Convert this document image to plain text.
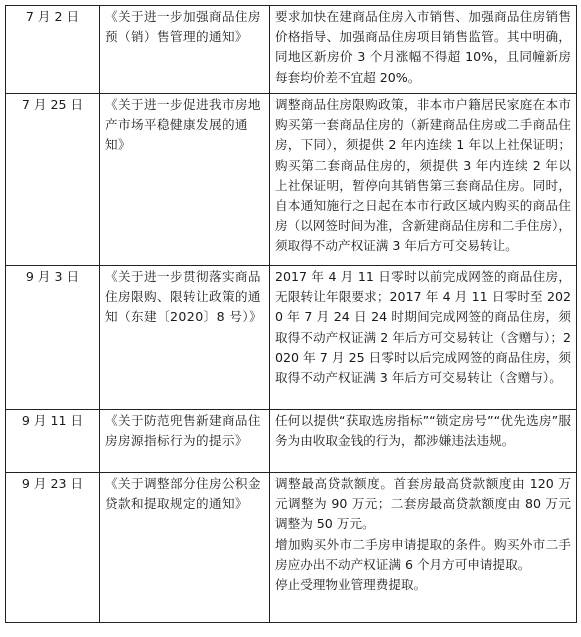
7 月 2 日	《关于进一步加强商品住房预（销）售管理的通知》	要求加快在建商品住房入市销售、加强商品住房销售价格指导、加强商品住房项目销售监管。其中明确，同地区新房价 3 个月涨幅不得超 10%，且同幢新房每套均价差不宜超 20%。

7 月 25 日	《关于进一步促进我市房地产市场平稳健康发展的通知》	调整商品住房限购政策，非本市户籍居民家庭在本市购买第一套商品住房的（新建商品住房或二手商品住房，下同），须提供 2 年内连续 1 年以上社保证明；购买第二套商品住房的，须提供 3 年内连续 2 年以上社保证明，暂停向其销售第三套商品住房。同时，自本通知施行之日起在本市行政区域内购买的商品住房（以网签时间为准，含新建商品住房和二手住房），须取得不动产权证满 3 年后方可交易转让。

9 月 3 日	《关于进一步贯彻落实商品住房限购、限转让政策的通知（东建〔2020〕8 号）》	2017 年 4 月 11 日零时以前完成网签的商品住房，无限转让年限要求；2017 年 4 月 11 日零时至 2020 年 7 月 24 日 24 时期间完成网签的商品住房，须取得不动产权证满 2 年后方可交易转让（含赠与）；2020 年 7 月 25 日零时以后完成网签的商品住房，须取得不动产权证满 3 年后方可交易转让（含赠与）。

9 月 11 日	《关于防范兜售新建商品住房房源指标行为的提示》	任何以提供“获取选房指标”“锁定房号”“优先选房”服务为由收取金钱的行为，都涉嫌违法违规。

9 月 23 日	《关于调整部分住房公积金贷款和提取规定的通知》	调整最高贷款额度。首套房最高贷款额度由 120 万元调整为 90 万元；二套房最高贷款额度由 80 万元调整为 50 万元。
增加购买外市二手房申请提取的条件。购买外市二手房应办出不动产权证满 6 个月方可申请提取。
停止受理物业管理费提取。
